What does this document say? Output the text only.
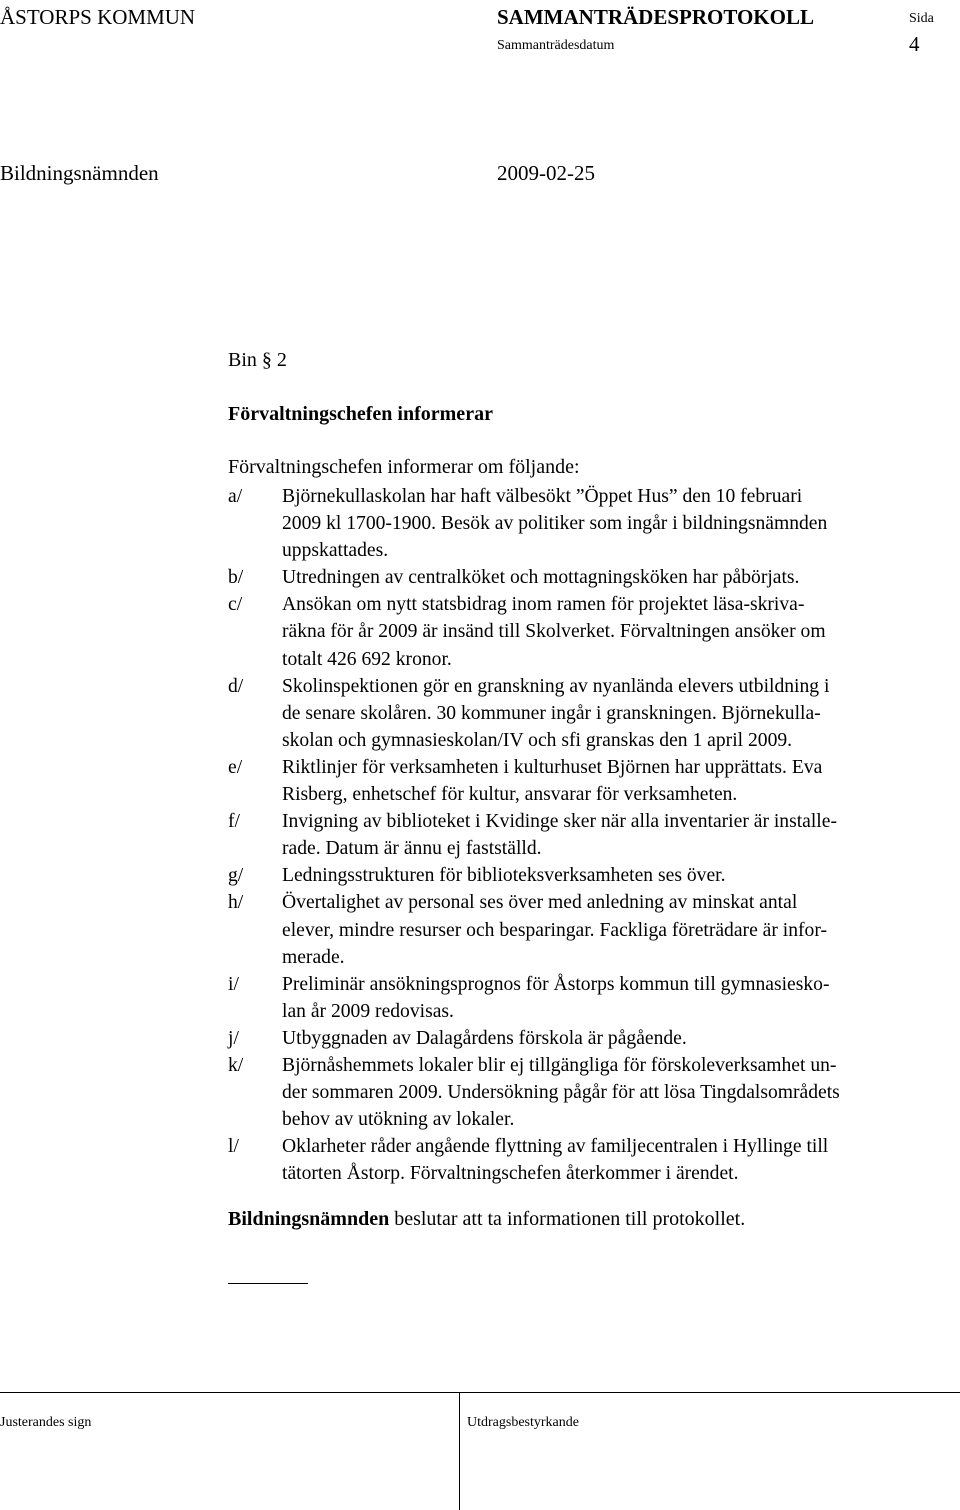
ÅSTORPS KOMMUN	SAMMANTRÄDESPROTOKOLL	Sida
Sammanträdesdatum	4
Bildningsnämnden	2009-02-25
Bin § 2
Förvaltningschefen informerar
Förvaltningschefen informerar om följande:
a/	Björnekullaskolan har haft välbesökt ”Öppet Hus” den 10 februari
2009 kl 1700-1900. Besök av politiker som ingår i bildningsnämnden
uppskattades.
b/	Utredningen av centralköket och mottagningsköken har påbörjats.
c/	Ansökan om nytt statsbidrag inom ramen för projektet läsa-skriva-
räkna för år 2009 är insänd till Skolverket. Förvaltningen ansöker om
totalt 426 692 kronor.
d/	Skolinspektionen gör en granskning av nyanlända elevers utbildning i
de senare skolåren. 30 kommuner ingår i granskningen. Björnekulla-
skolan och gymnasieskolan/IV och sfi granskas den 1 april 2009.
e/	Riktlinjer för verksamheten i kulturhuset Björnen har upprättats. Eva
Risberg, enhetschef för kultur, ansvarar för verksamheten.
f/	Invigning av biblioteket i Kvidinge sker när alla inventarier är installe-
rade. Datum är ännu ej fastställd.
g/	Ledningsstrukturen för biblioteksverksamheten ses över.
h/	Övertalighet av personal ses över med anledning av minskat antal
elever, mindre resurser och besparingar. Fackliga företrädare är infor-
merade.
i/	Preliminär ansökningsprognos för Åstorps kommun till gymnasiesko-
lan år 2009 redovisas.
j/	Utbyggnaden av Dalagårdens förskola är pågående.
k/	Björnåshemmets lokaler blir ej tillgängliga för förskoleverksamhet un-
der sommaren 2009. Undersökning pågår för att lösa Tingdalsområdets
behov av utökning av lokaler.
l/	Oklarheter råder angående flyttning av familjecentralen i Hyllinge till
tätorten Åstorp. Förvaltningschefen återkommer i ärendet.
Bildningsnämnden beslutar att ta informationen till protokollet.
Justerandes sign	Utdragsbestyrkande
